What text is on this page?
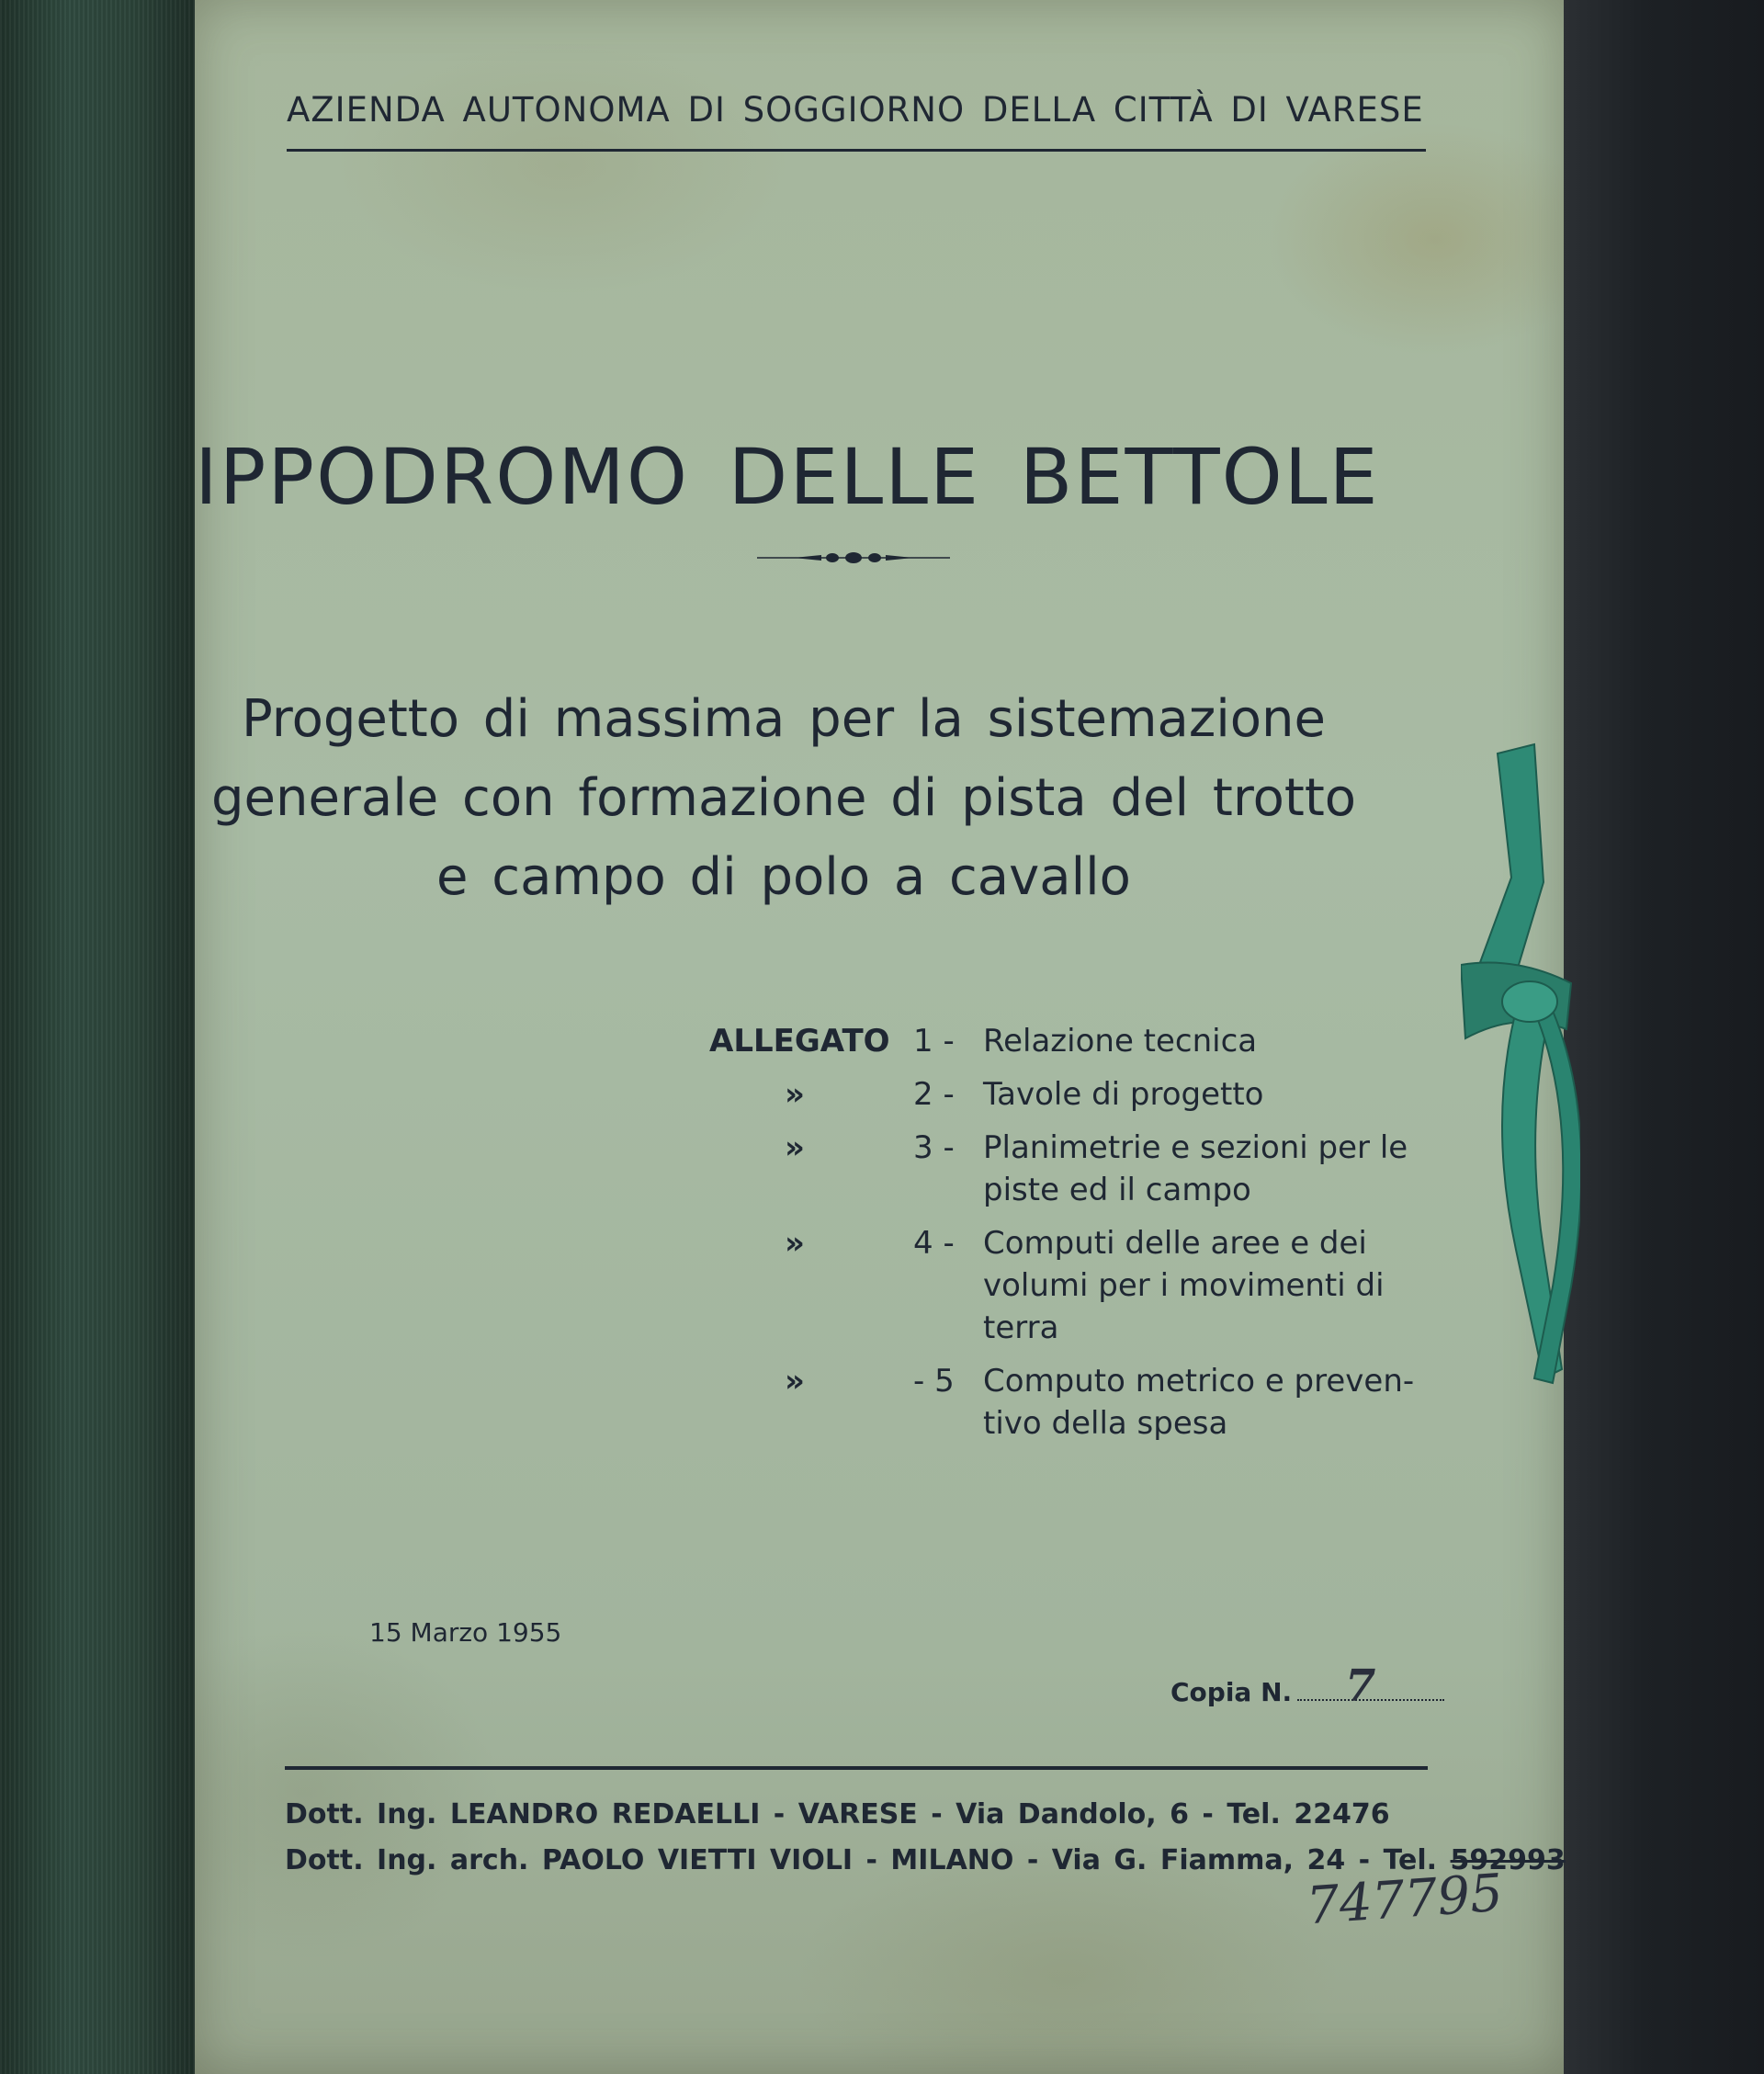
AZIENDA AUTONOMA DI SOGGIORNO DELLA CITTÀ DI VARESE
IPPODROMO DELLE BETTOLE
Progetto di massima per la sistemazione
generale con formazione di pista del trotto
e campo di polo a cavallo
ALLEGATO 1 - Relazione tecnica
»	2 - Tavole di progetto
»	3 - Planimetrie e sezioni per le
piste ed il campo
»	4 - Computi delle aree e dei
volumi per i movimenti di
terra
»	- 5 Computo metrico e preven-
tivo della spesa
15 Marzo 1955
Copia N. 7
Dott. Ing. LEANDRO REDAELLI - VARESE - Via Dandolo, 6 - Tel. 22476
Dott. Ing. arch. PAOLO VIETTI VIOLI - MILANO - Via G. Fiamma, 24 - Tel. 592993
747795
